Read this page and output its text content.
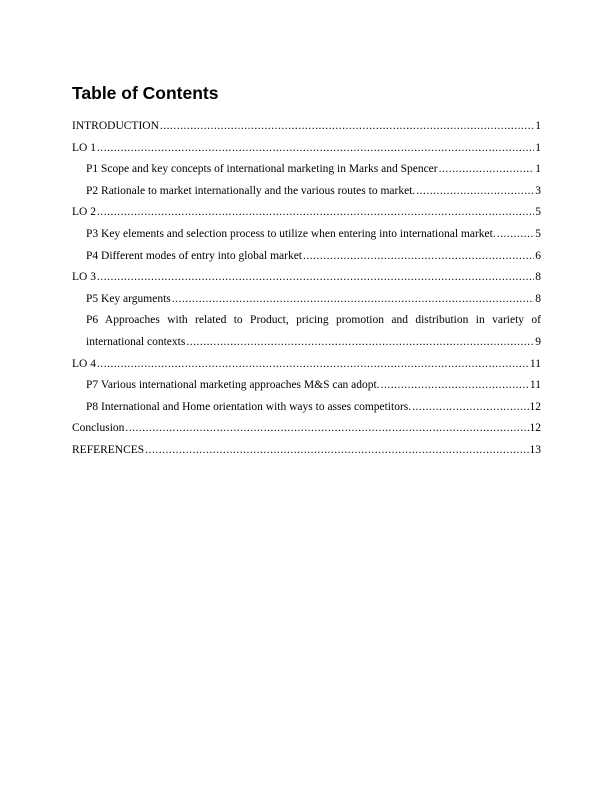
Table of Contents
INTRODUCTION .....	1
LO 1 .....	1
P1 Scope and key concepts of international marketing in Marks and Spencer .....	1
P2 Rationale to market internationally and the various routes to market. .....	3
LO 2 .....	5
P3 Key elements and selection process to utilize when entering into international market. .....	5
P4 Different modes of entry into global market .....	6
LO 3 .....	8
P5 Key arguments .....	8
P6 Approaches with related to Product, pricing promotion and distribution in variety of
international contexts .....	9
LO 4 .....	11
P7 Various international marketing approaches M&S can adopt. .....	11
P8 International and Home orientation with ways to asses competitors. .....	12
Conclusion .....	12
REFERENCES .....	13
